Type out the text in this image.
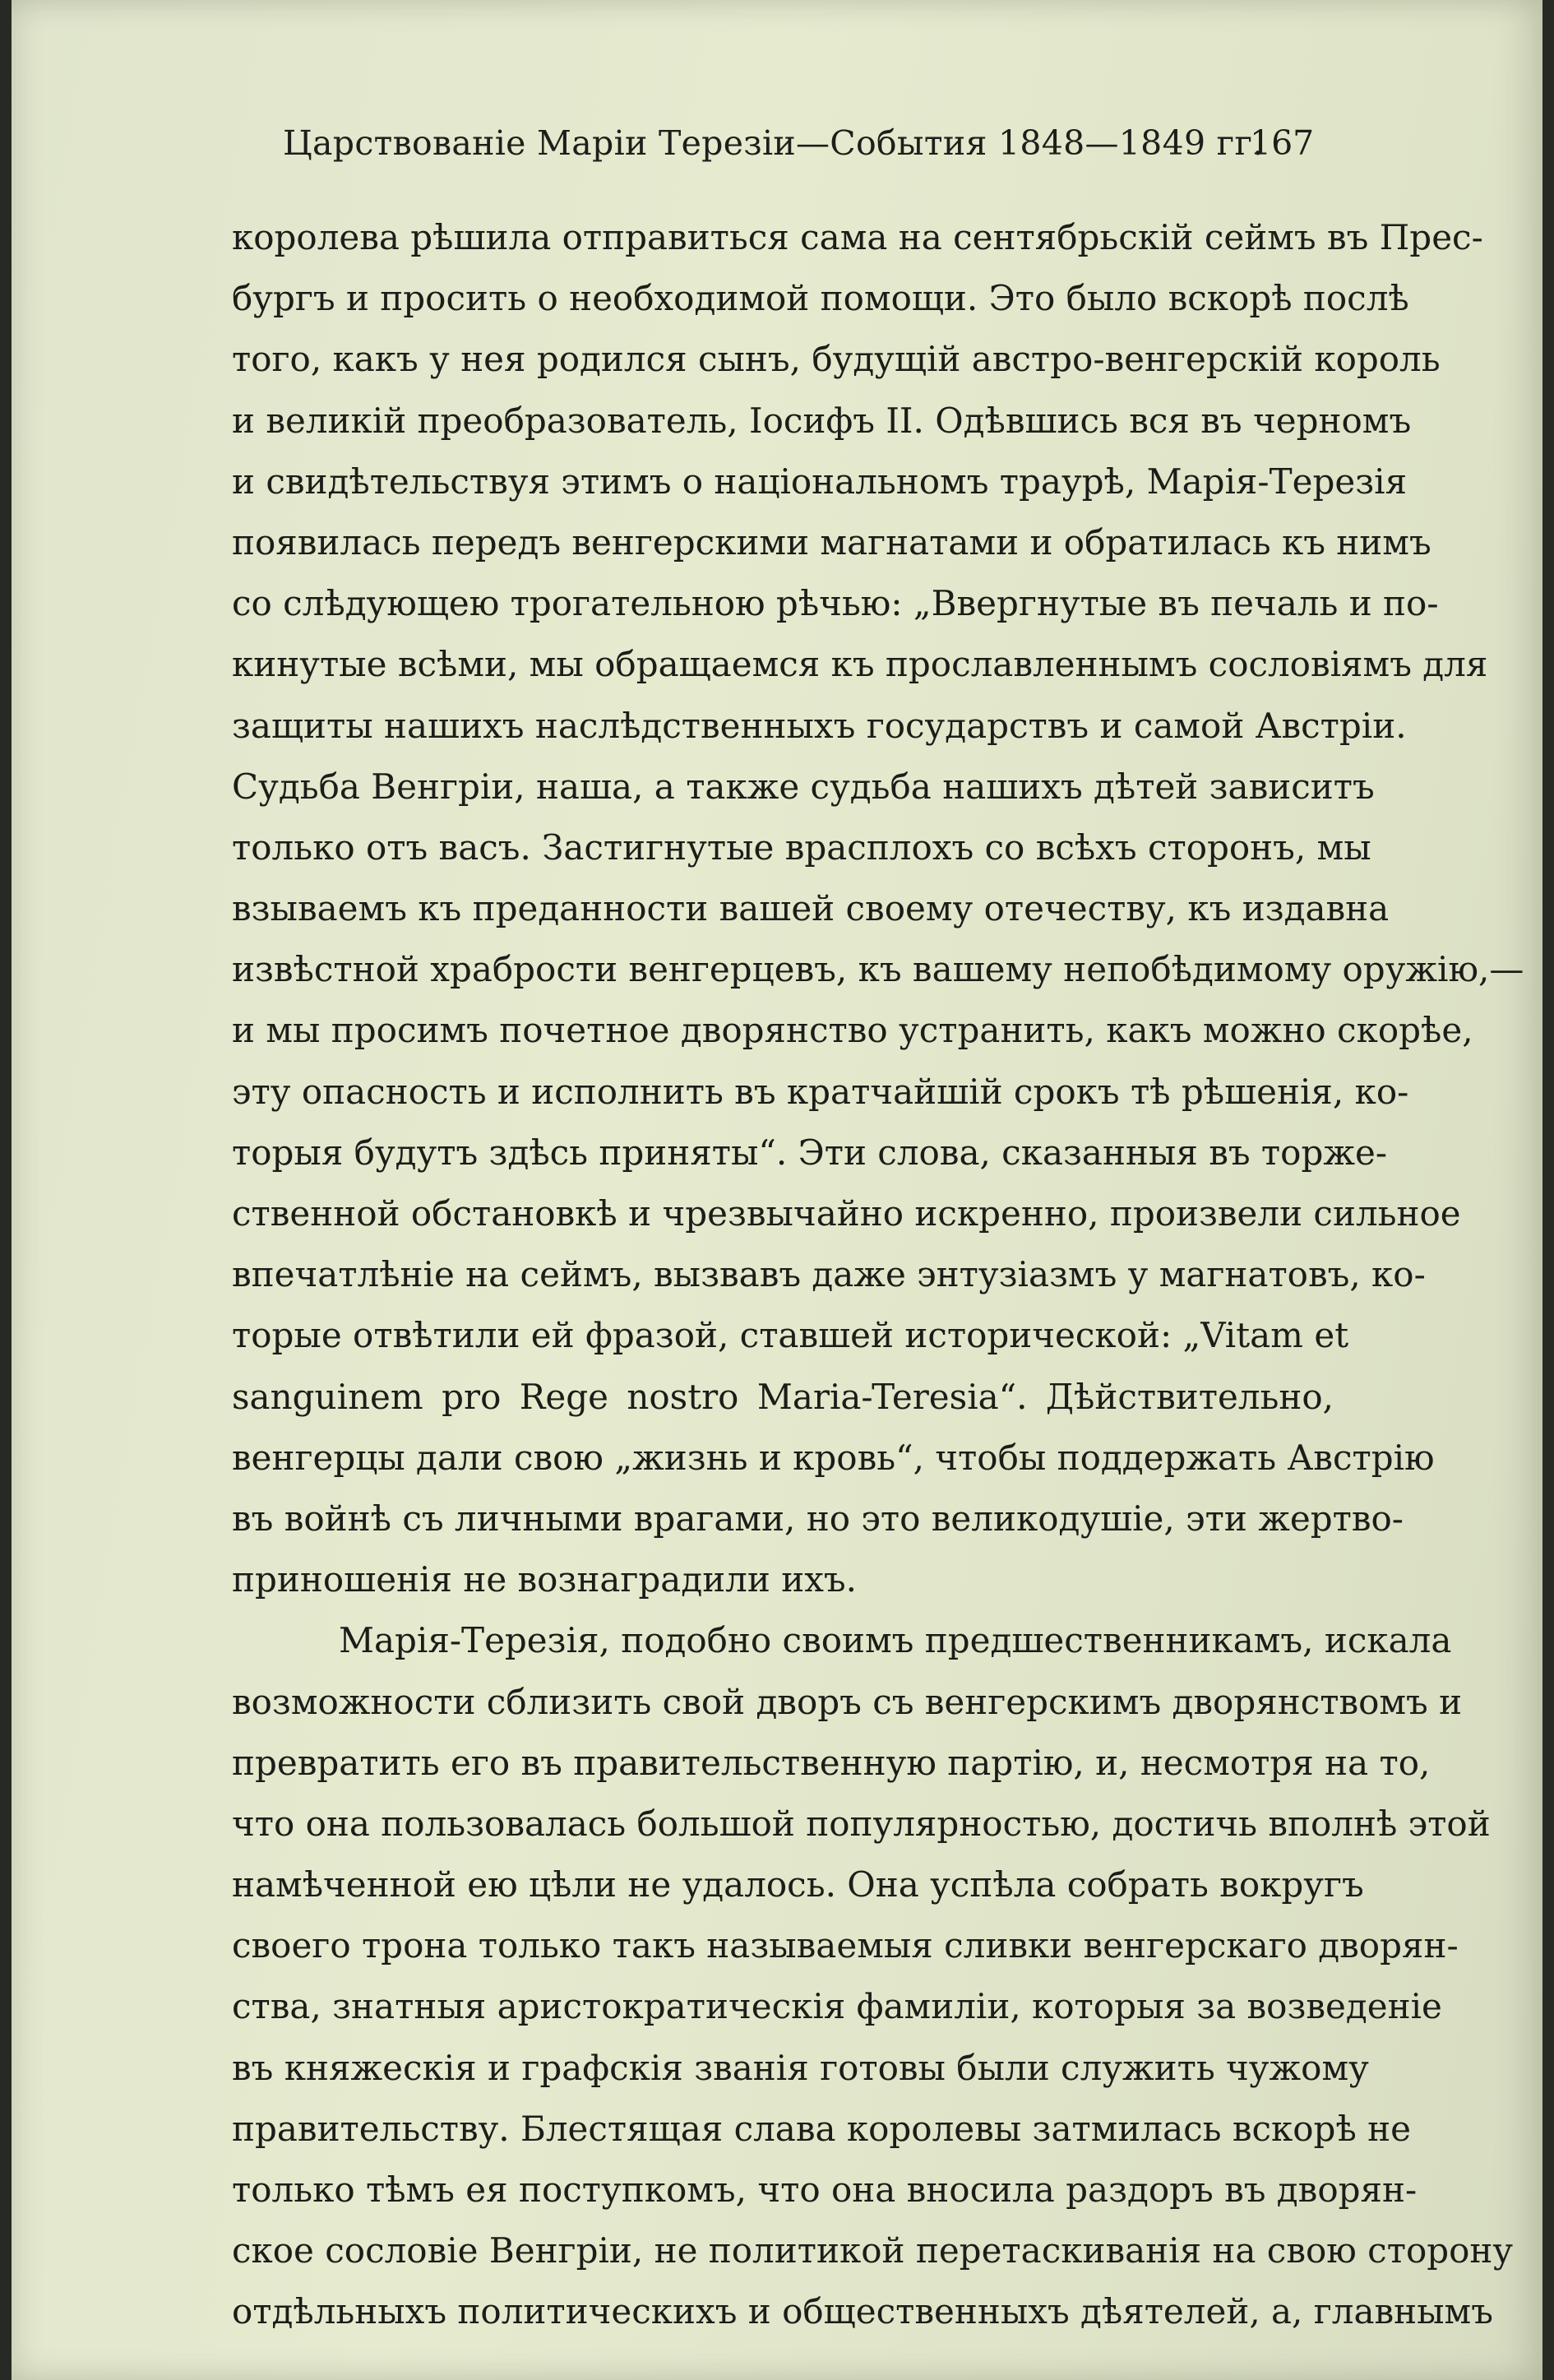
Царствованіе Маріи Терезіи—События 1848—1849 гг.
167
королева рѣшила отправиться сама на сентябрьскій сеймъ въ Прес-
бургъ и просить о необходимой помощи. Это было вскорѣ послѣ
того, какъ у нея родился сынъ, будущій австро-венгерскій король
и великій преобразователь, Іосифъ II. Одѣвшись вся въ черномъ
и свидѣтельствуя этимъ о національномъ траурѣ, Марія-Терезія
появилась передъ венгерскими магнатами и обратилась къ нимъ
со слѣдующею трогательною рѣчью: „Ввергнутые въ печаль и по-
кинутые всѣми, мы обращаемся къ прославленнымъ сословіямъ для
защиты нашихъ наслѣдственныхъ государствъ и самой Австріи.
Судьба Венгріи, наша, а также судьба нашихъ дѣтей зависитъ
только отъ васъ. Застигнутые врасплохъ со всѣхъ сторонъ, мы
взываемъ къ преданности вашей своему отечеству, къ издавна
извѣстной храбрости венгерцевъ, къ вашему непобѣдимому оружію,—
и мы просимъ почетное дворянство устранить, какъ можно скорѣе,
эту опасность и исполнить въ кратчайшій срокъ тѣ рѣшенія, ко-
торыя будутъ здѣсь приняты“. Эти слова, сказанныя въ торже-
ственной обстановкѣ и чрезвычайно искренно, произвели сильное
впечатлѣніе на сеймъ, вызвавъ даже энтузіазмъ у магнатовъ, ко-
торые отвѣтили ей фразой, ставшей исторической: „Vitam et
sanguinem pro Rege nostro Maria-Teresia“. Дѣйствительно,
венгерцы дали свою „жизнь и кровь“, чтобы поддержать Австрію
въ войнѣ съ личными врагами, но это великодушіе, эти жертво-
приношенія не вознаградили ихъ.
Марія-Терезія, подобно своимъ предшественникамъ, искала
возможности сблизить свой дворъ съ венгерскимъ дворянствомъ и
превратить его въ правительственную партію, и, несмотря на то,
что она пользовалась большой популярностью, достичь вполнѣ этой
намѣченной ею цѣли не удалось. Она успѣла собрать вокругъ
своего трона только такъ называемыя сливки венгерскаго дворян-
ства, знатныя аристократическія фамиліи, которыя за возведеніе
въ княжескія и графскія званія готовы были служить чужому
правительству. Блестящая слава королевы затмилась вскорѣ не
только тѣмъ ея поступкомъ, что она вносила раздоръ въ дворян-
ское сословіе Венгріи, не политикой перетаскиванія на свою сторону
отдѣльныхъ политическихъ и общественныхъ дѣятелей, а, главнымъ
